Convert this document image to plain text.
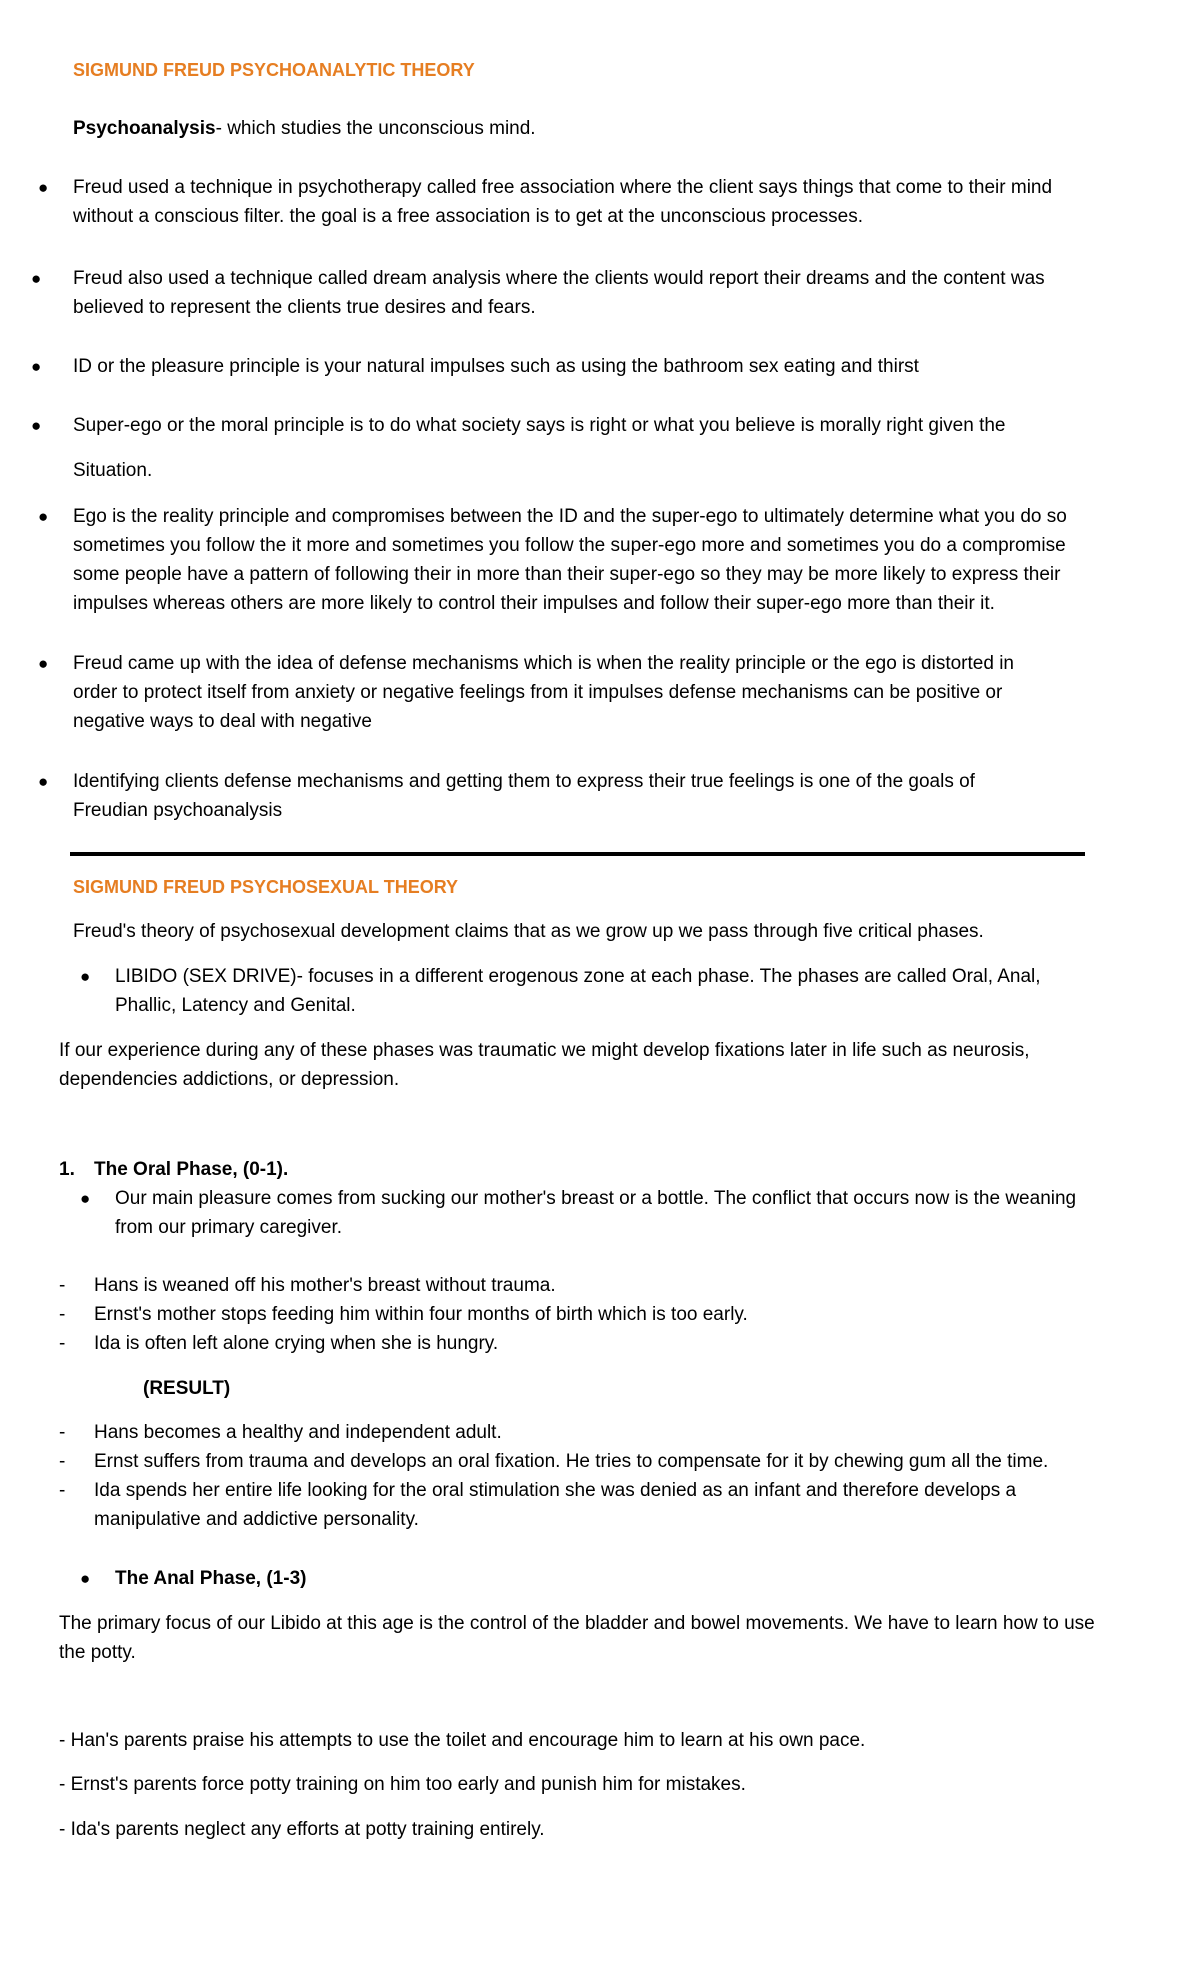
SIGMUND FREUD PSYCHOANALYTIC THEORY
Psychoanalysis- which studies the unconscious mind.
● Freud used a technique in psychotherapy called free association where the client says things that come to their mind
without a conscious filter. the goal is a free association is to get at the unconscious processes.
● Freud also used a technique called dream analysis where the clients would report their dreams and the content was
believed to represent the clients true desires and fears.
● ID or the pleasure principle is your natural impulses such as using the bathroom sex eating and thirst
● Super-ego or the moral principle is to do what society says is right or what you believe is morally right given the
Situation.
● Ego is the reality principle and compromises between the ID and the super-ego to ultimately determine what you do so
sometimes you follow the it more and sometimes you follow the super-ego more and sometimes you do a compromise
some people have a pattern of following their in more than their super-ego so they may be more likely to express their
impulses whereas others are more likely to control their impulses and follow their super-ego more than their it.
● Freud came up with the idea of defense mechanisms which is when the reality principle or the ego is distorted in
order to protect itself from anxiety or negative feelings from it impulses defense mechanisms can be positive or
negative ways to deal with negative
● Identifying clients defense mechanisms and getting them to express their true feelings is one of the goals of
Freudian psychoanalysis
SIGMUND FREUD PSYCHOSEXUAL THEORY
Freud's theory of psychosexual development claims that as we grow up we pass through five critical phases.
● LIBIDO (SEX DRIVE)- focuses in a different erogenous zone at each phase. The phases are called Oral, Anal,
Phallic, Latency and Genital.
If our experience during any of these phases was traumatic we might develop fixations later in life such as neurosis,
dependencies addictions, or depression.
1. The Oral Phase, (0-1).
● Our main pleasure comes from sucking our mother's breast or a bottle. The conflict that occurs now is the weaning
from our primary caregiver.
- Hans is weaned off his mother's breast without trauma.
- Ernst's mother stops feeding him within four months of birth which is too early.
- Ida is often left alone crying when she is hungry.
(RESULT)
- Hans becomes a healthy and independent adult.
- Ernst suffers from trauma and develops an oral fixation. He tries to compensate for it by chewing gum all the time.
- Ida spends her entire life looking for the oral stimulation she was denied as an infant and therefore develops a
manipulative and addictive personality.
● The Anal Phase, (1-3)
The primary focus of our Libido at this age is the control of the bladder and bowel movements. We have to learn how to use
the potty.
- Han's parents praise his attempts to use the toilet and encourage him to learn at his own pace.
- Ernst's parents force potty training on him too early and punish him for mistakes.
- Ida's parents neglect any efforts at potty training entirely.
